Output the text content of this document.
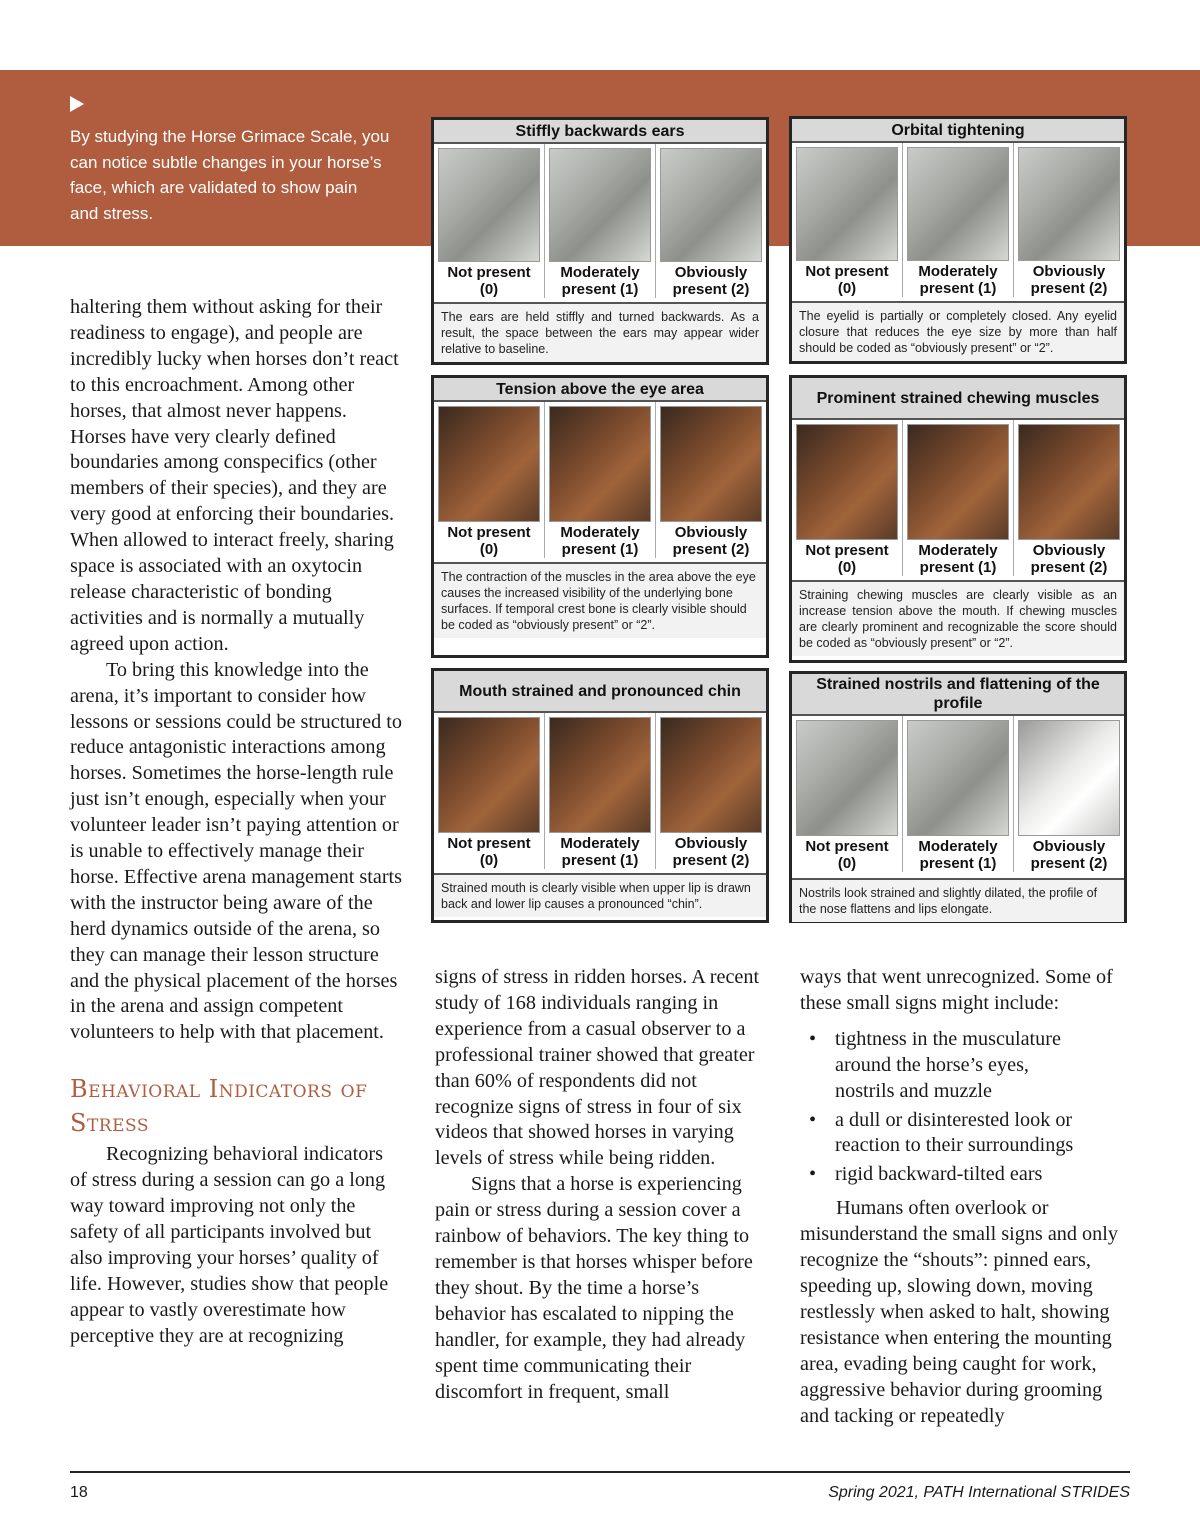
By studying the Horse Grimace Scale, you can notice subtle changes in your horse’s face, which are validated to show pain and stress.
Stiffly backwards ears
Not present (0)
Moderately present (1)
Obviously present (2)
The ears are held stiffly and turned backwards. As a result, the space between the ears may appear wider relative to baseline.
Orbital tightening
Not present (0)
Moderately present (1)
Obviously present (2)
The eyelid is partially or completely closed. Any eyelid closure that reduces the eye size by more than half should be coded as “obviously present” or “2”.
Tension above the eye area
Not present (0)
Moderately present (1)
Obviously present (2)
The contraction of the muscles in the area above the eye causes the increased visibility of the underlying bone surfaces. If temporal crest bone is clearly visible should be coded as “obviously present” or “2”.
Prominent strained chewing muscles
Not present (0)
Moderately present (1)
Obviously present (2)
Straining chewing muscles are clearly visible as an increase tension above the mouth. If chewing muscles are clearly prominent and recognizable the score should be coded as “obviously present” or “2”.
Mouth strained and pronounced chin
Not present (0)
Moderately present (1)
Obviously present (2)
Strained mouth is clearly visible when upper lip is drawn back and lower lip causes a pronounced “chin”.
Strained nostrils and flattening of the profile
Not present (0)
Moderately present (1)
Obviously present (2)
Nostrils look strained and slightly dilated, the profile of the nose flattens and lips elongate.

haltering them without asking for their readiness to engage), and people are incredibly lucky when horses don’t react to this encroachment. Among other horses, that almost never happens. Horses have very clearly defined boundaries among conspecifics (other members of their species), and they are very good at enforcing their boundaries. When allowed to interact freely, sharing space is associated with an oxytocin release characteristic of bonding activities and is normally a mutually agreed upon action.

To bring this knowledge into the arena, it’s important to consider how lessons or sessions could be structured to reduce antagonistic interactions among horses. Sometimes the horse-length rule just isn’t enough, especially when your volunteer leader isn’t paying attention or is unable to effectively manage their horse. Effective arena management starts with the instructor being aware of the herd dynamics outside of the arena, so they can manage their lesson structure and the physical placement of the horses in the arena and assign competent volunteers to help with that placement.

Behavioral Indicators of Stress

Recognizing behavioral indicators of stress during a session can go a long way toward improving not only the safety of all participants involved but also improving your horses’ quality of life. However, studies show that people appear to vastly overestimate how perceptive they are at recognizing

signs of stress in ridden horses. A recent study of 168 individuals ranging in experience from a casual observer to a professional trainer showed that greater than 60% of respondents did not recognize signs of stress in four of six videos that showed horses in varying levels of stress while being ridden.

Signs that a horse is experiencing pain or stress during a session cover a rainbow of behaviors. The key thing to remember is that horses whisper before they shout. By the time a horse’s behavior has escalated to nipping the handler, for example, they had already spent time communicating their discomfort in frequent, small

ways that went unrecognized. Some of these small signs might include:

• tightness in the musculature around the horse’s eyes, nostrils and muzzle
• a dull or disinterested look or reaction to their surroundings
• rigid backward-tilted ears

Humans often overlook or misunderstand the small signs and only recognize the “shouts”: pinned ears, speeding up, slowing down, moving restlessly when asked to halt, showing resistance when entering the mounting area, evading being caught for work, aggressive behavior during grooming and tacking or repeatedly

18	Spring 2021, PATH International STRIDES
